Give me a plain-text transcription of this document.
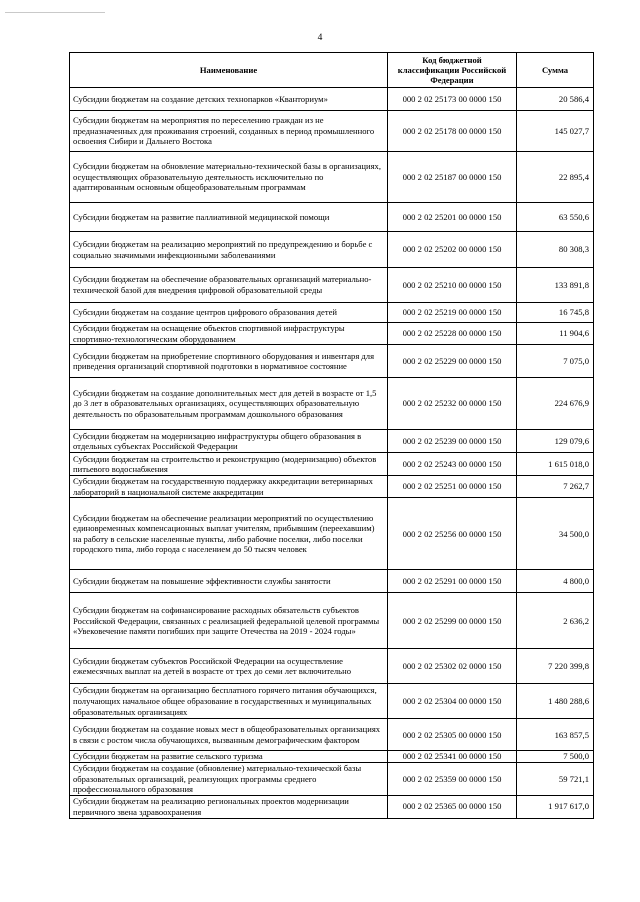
4
Наименование	Код бюджетной классификации Российской Федерации	Сумма
Субсидии бюджетам на создание детских технопарков «Кванториум»	000 2 02 25173 00 0000 150	20 586,4
Субсидии бюджетам на мероприятия по переселению граждан из не предназначенных для проживания строений, созданных в период промышленного освоения Сибири и Дальнего Востока	000 2 02 25178 00 0000 150	145 027,7
Субсидии бюджетам на обновление материально-технической базы в организациях, осуществляющих образовательную деятельность исключительно по адаптированным основным общеобразовательным программам	000 2 02 25187 00 0000 150	22 895,4
Субсидии бюджетам на развитие паллиативной медицинской помощи	000 2 02 25201 00 0000 150	63 550,6
Субсидии бюджетам на реализацию мероприятий по предупреждению и борьбе с социально значимыми инфекционными заболеваниями	000 2 02 25202 00 0000 150	80 308,3
Субсидии бюджетам на обеспечение образовательных организаций материально-технической базой для внедрения цифровой образовательной среды	000 2 02 25210 00 0000 150	133 891,8
Субсидии бюджетам на создание центров цифрового образования детей	000 2 02 25219 00 0000 150	16 745,8
Субсидии бюджетам на оснащение объектов спортивной инфраструктуры спортивно-технологическим оборудованием	000 2 02 25228 00 0000 150	11 904,6
Субсидии бюджетам на приобретение спортивного оборудования и инвентаря для приведения организаций спортивной подготовки в нормативное состояние	000 2 02 25229 00 0000 150	7 075,0
Субсидии бюджетам на создание дополнительных мест для детей в возрасте от 1,5 до 3 лет в образовательных организациях, осуществляющих образовательную деятельность по образовательным программам дошкольного образования	000 2 02 25232 00 0000 150	224 676,9
Субсидии бюджетам на модернизацию инфраструктуры общего образования в отдельных субъектах Российской Федерации	000 2 02 25239 00 0000 150	129 079,6
Субсидии бюджетам на строительство и реконструкцию (модернизацию) объектов питьевого водоснабжения	000 2 02 25243 00 0000 150	1 615 018,0
Субсидии бюджетам на государственную поддержку аккредитации ветеринарных лабораторий в национальной системе аккредитации	000 2 02 25251 00 0000 150	7 262,7
Субсидии бюджетам на обеспечение реализации мероприятий по осуществлению единовременных компенсационных выплат учителям, прибывшим (переехавшим) на работу в сельские населенные пункты, либо рабочие поселки, либо поселки городского типа, либо города с населением до 50 тысяч человек	000 2 02 25256 00 0000 150	34 500,0
Субсидии бюджетам на повышение эффективности службы занятости	000 2 02 25291 00 0000 150	4 800,0
Субсидии бюджетам на софинансирование расходных обязательств субъектов Российской Федерации, связанных с реализацией федеральной целевой программы «Увековечение памяти погибших при защите Отечества на 2019 - 2024 годы»	000 2 02 25299 00 0000 150	2 636,2
Субсидии бюджетам субъектов Российской Федерации на осуществление ежемесячных выплат на детей в возрасте от трех до семи лет включительно	000 2 02 25302 02 0000 150	7 220 399,8
Субсидии бюджетам на организацию бесплатного горячего питания обучающихся, получающих начальное общее образование в государственных и муниципальных образовательных организациях	000 2 02 25304 00 0000 150	1 480 288,6
Субсидии бюджетам на создание новых мест в общеобразовательных организациях в связи с ростом числа обучающихся, вызванным демографическим фактором	000 2 02 25305 00 0000 150	163 857,5
Субсидии бюджетам на развитие сельского туризма	000 2 02 25341 00 0000 150	7 500,0
Субсидии бюджетам на создание (обновление) материально-технической базы образовательных организаций, реализующих программы среднего профессионального образования	000 2 02 25359 00 0000 150	59 721,1
Субсидии бюджетам на реализацию региональных проектов модернизации первичного звена здравоохранения	000 2 02 25365 00 0000 150	1 917 617,0
